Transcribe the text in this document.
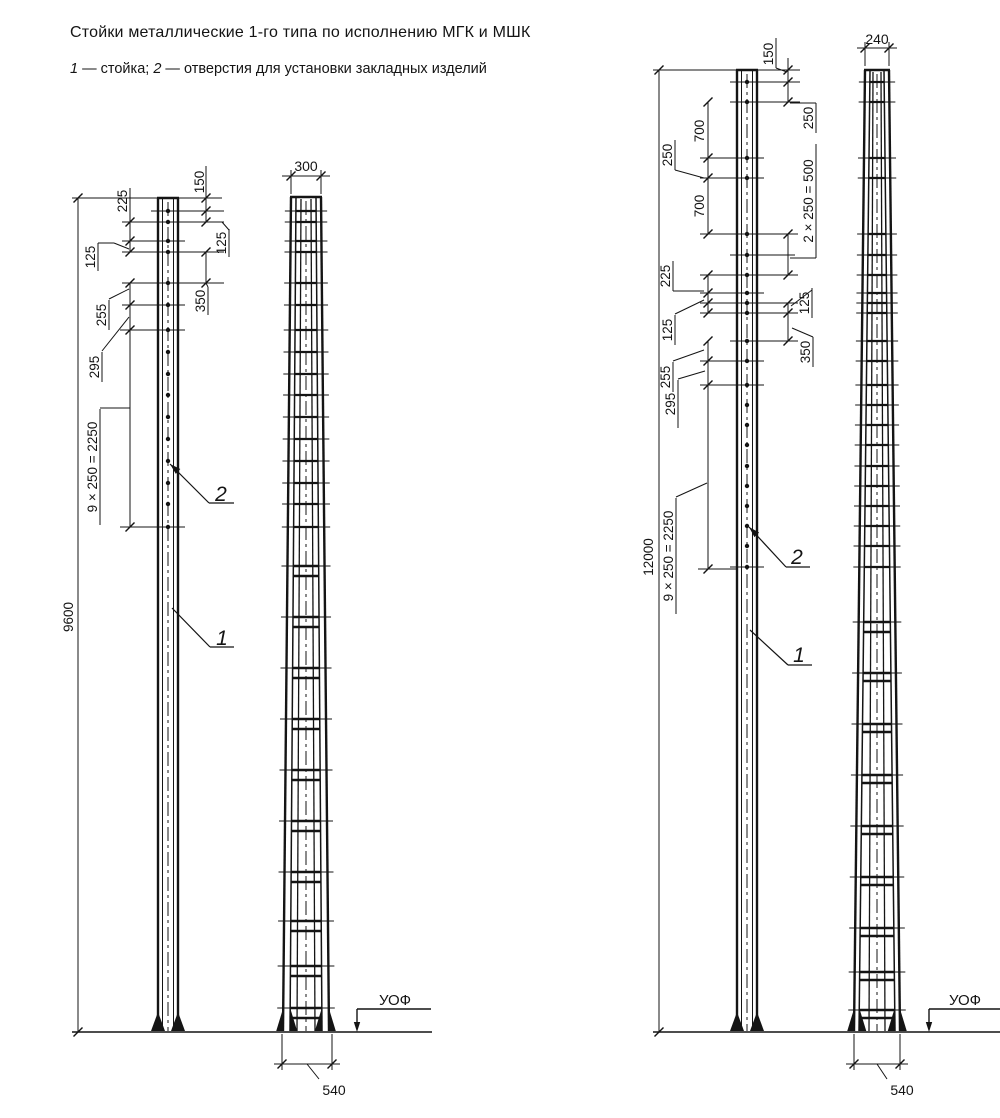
Стойки металлические 1-го типа по исполнению МГК и МШК
1 — стойка; 2 — отверстия для установки закладных изделий
9600
225
125
255
295
9 × 250 = 2250
150
125
350
300
540
УОФ
2
1
12000
150
250
2 × 250 = 500
125
350
700
250
700
225
125
255
295
9 × 250 = 2250
240
540
УОФ
2
1
